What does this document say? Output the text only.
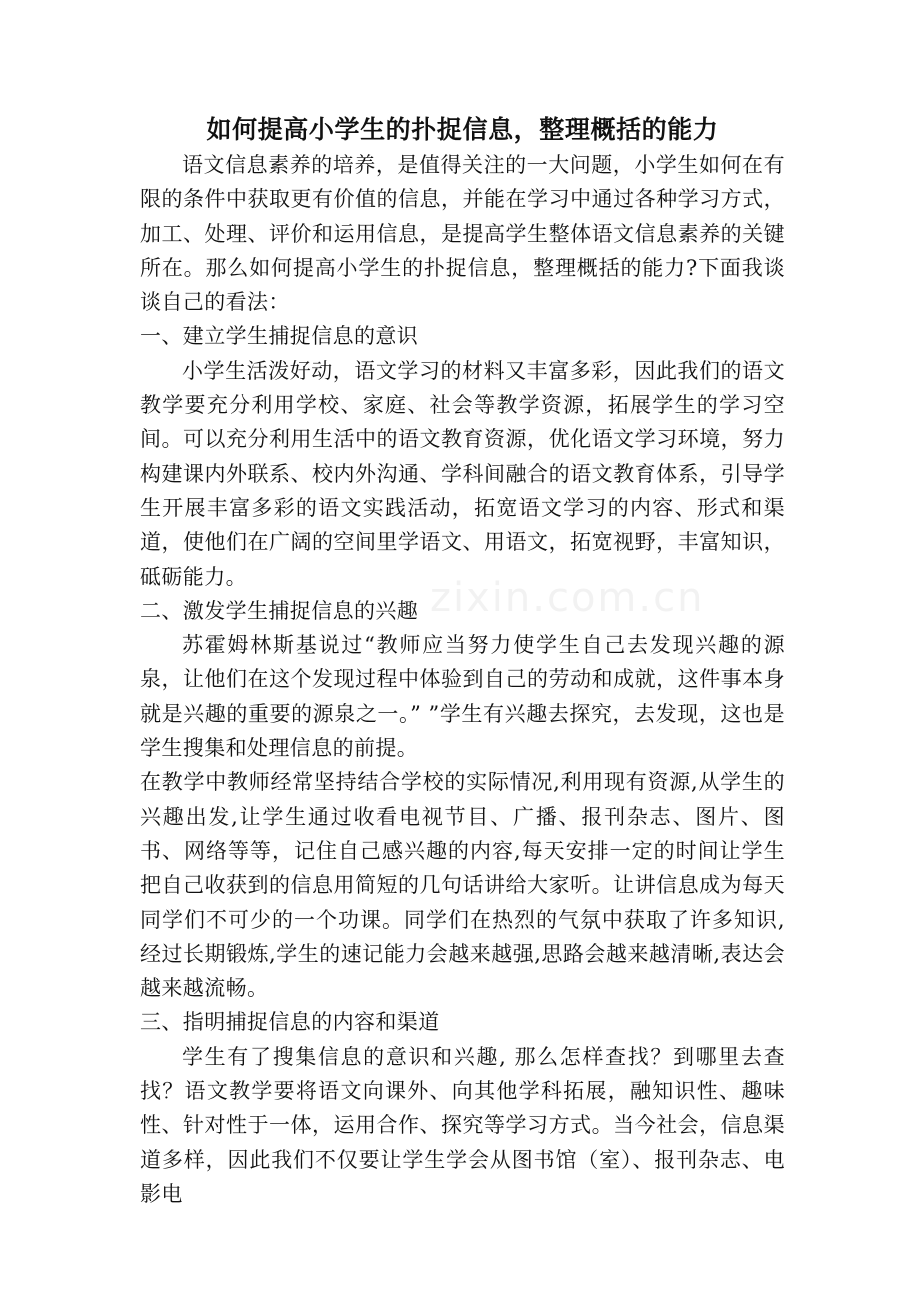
zixin.com.cn
如何提高小学生的扑捉信息，整理概括的能力

语文信息素养的培养，是值得关注的一大问题，小学生如何在有限的条件中获取更有价值的信息，并能在学习中通过各种学习方式，加工、处理、评价和运用信息，是提高学生整体语文信息素养的关键所在。那么如何提高小学生的扑捉信息，整理概括的能力?下面我谈谈自己的看法：

一、建立学生捕捉信息的意识

小学生活泼好动，语文学习的材料又丰富多彩，因此我们的语文教学要充分利用学校、家庭、社会等教学资源，拓展学生的学习空间。可以充分利用生活中的语文教育资源，优化语文学习环境，努力构建课内外联系、校内外沟通、学科间融合的语文教育体系，引导学生开展丰富多彩的语文实践活动，拓宽语文学习的内容、形式和渠道，使他们在广阔的空间里学语文、用语文，拓宽视野，丰富知识，砥砺能力。

二、激发学生捕捉信息的兴趣

苏霍姆林斯基说过“教师应当努力使学生自己去发现兴趣的源泉，让他们在这个发现过程中体验到自己的劳动和成就，这件事本身就是兴趣的重要的源泉之一。” ”学生有兴趣去探究，去发现，这也是学生搜集和处理信息的前提。

在教学中教师经常坚持结合学校的实际情况,利用现有资源,从学生的兴趣出发,让学生通过收看电视节目、广播、报刊杂志、图片、图书、网络等等，记住自己感兴趣的内容,每天安排一定的时间让学生把自己收获到的信息用简短的几句话讲给大家听。让讲信息成为每天同学们不可少的一个功课。同学们在热烈的气氛中获取了许多知识,经过长期锻炼,学生的速记能力会越来越强,思路会越来越清晰,表达会越来越流畅。

三、指明捕捉信息的内容和渠道

学生有了搜集信息的意识和兴趣, 那么怎样查找？到哪里去查找？语文教学要将语文向课外、向其他学科拓展，融知识性、趣味性、针对性于一体，运用合作、探究等学习方式。当今社会，信息渠道多样，因此我们不仅要让学生学会从图书馆（室）、报刊杂志、电影电
